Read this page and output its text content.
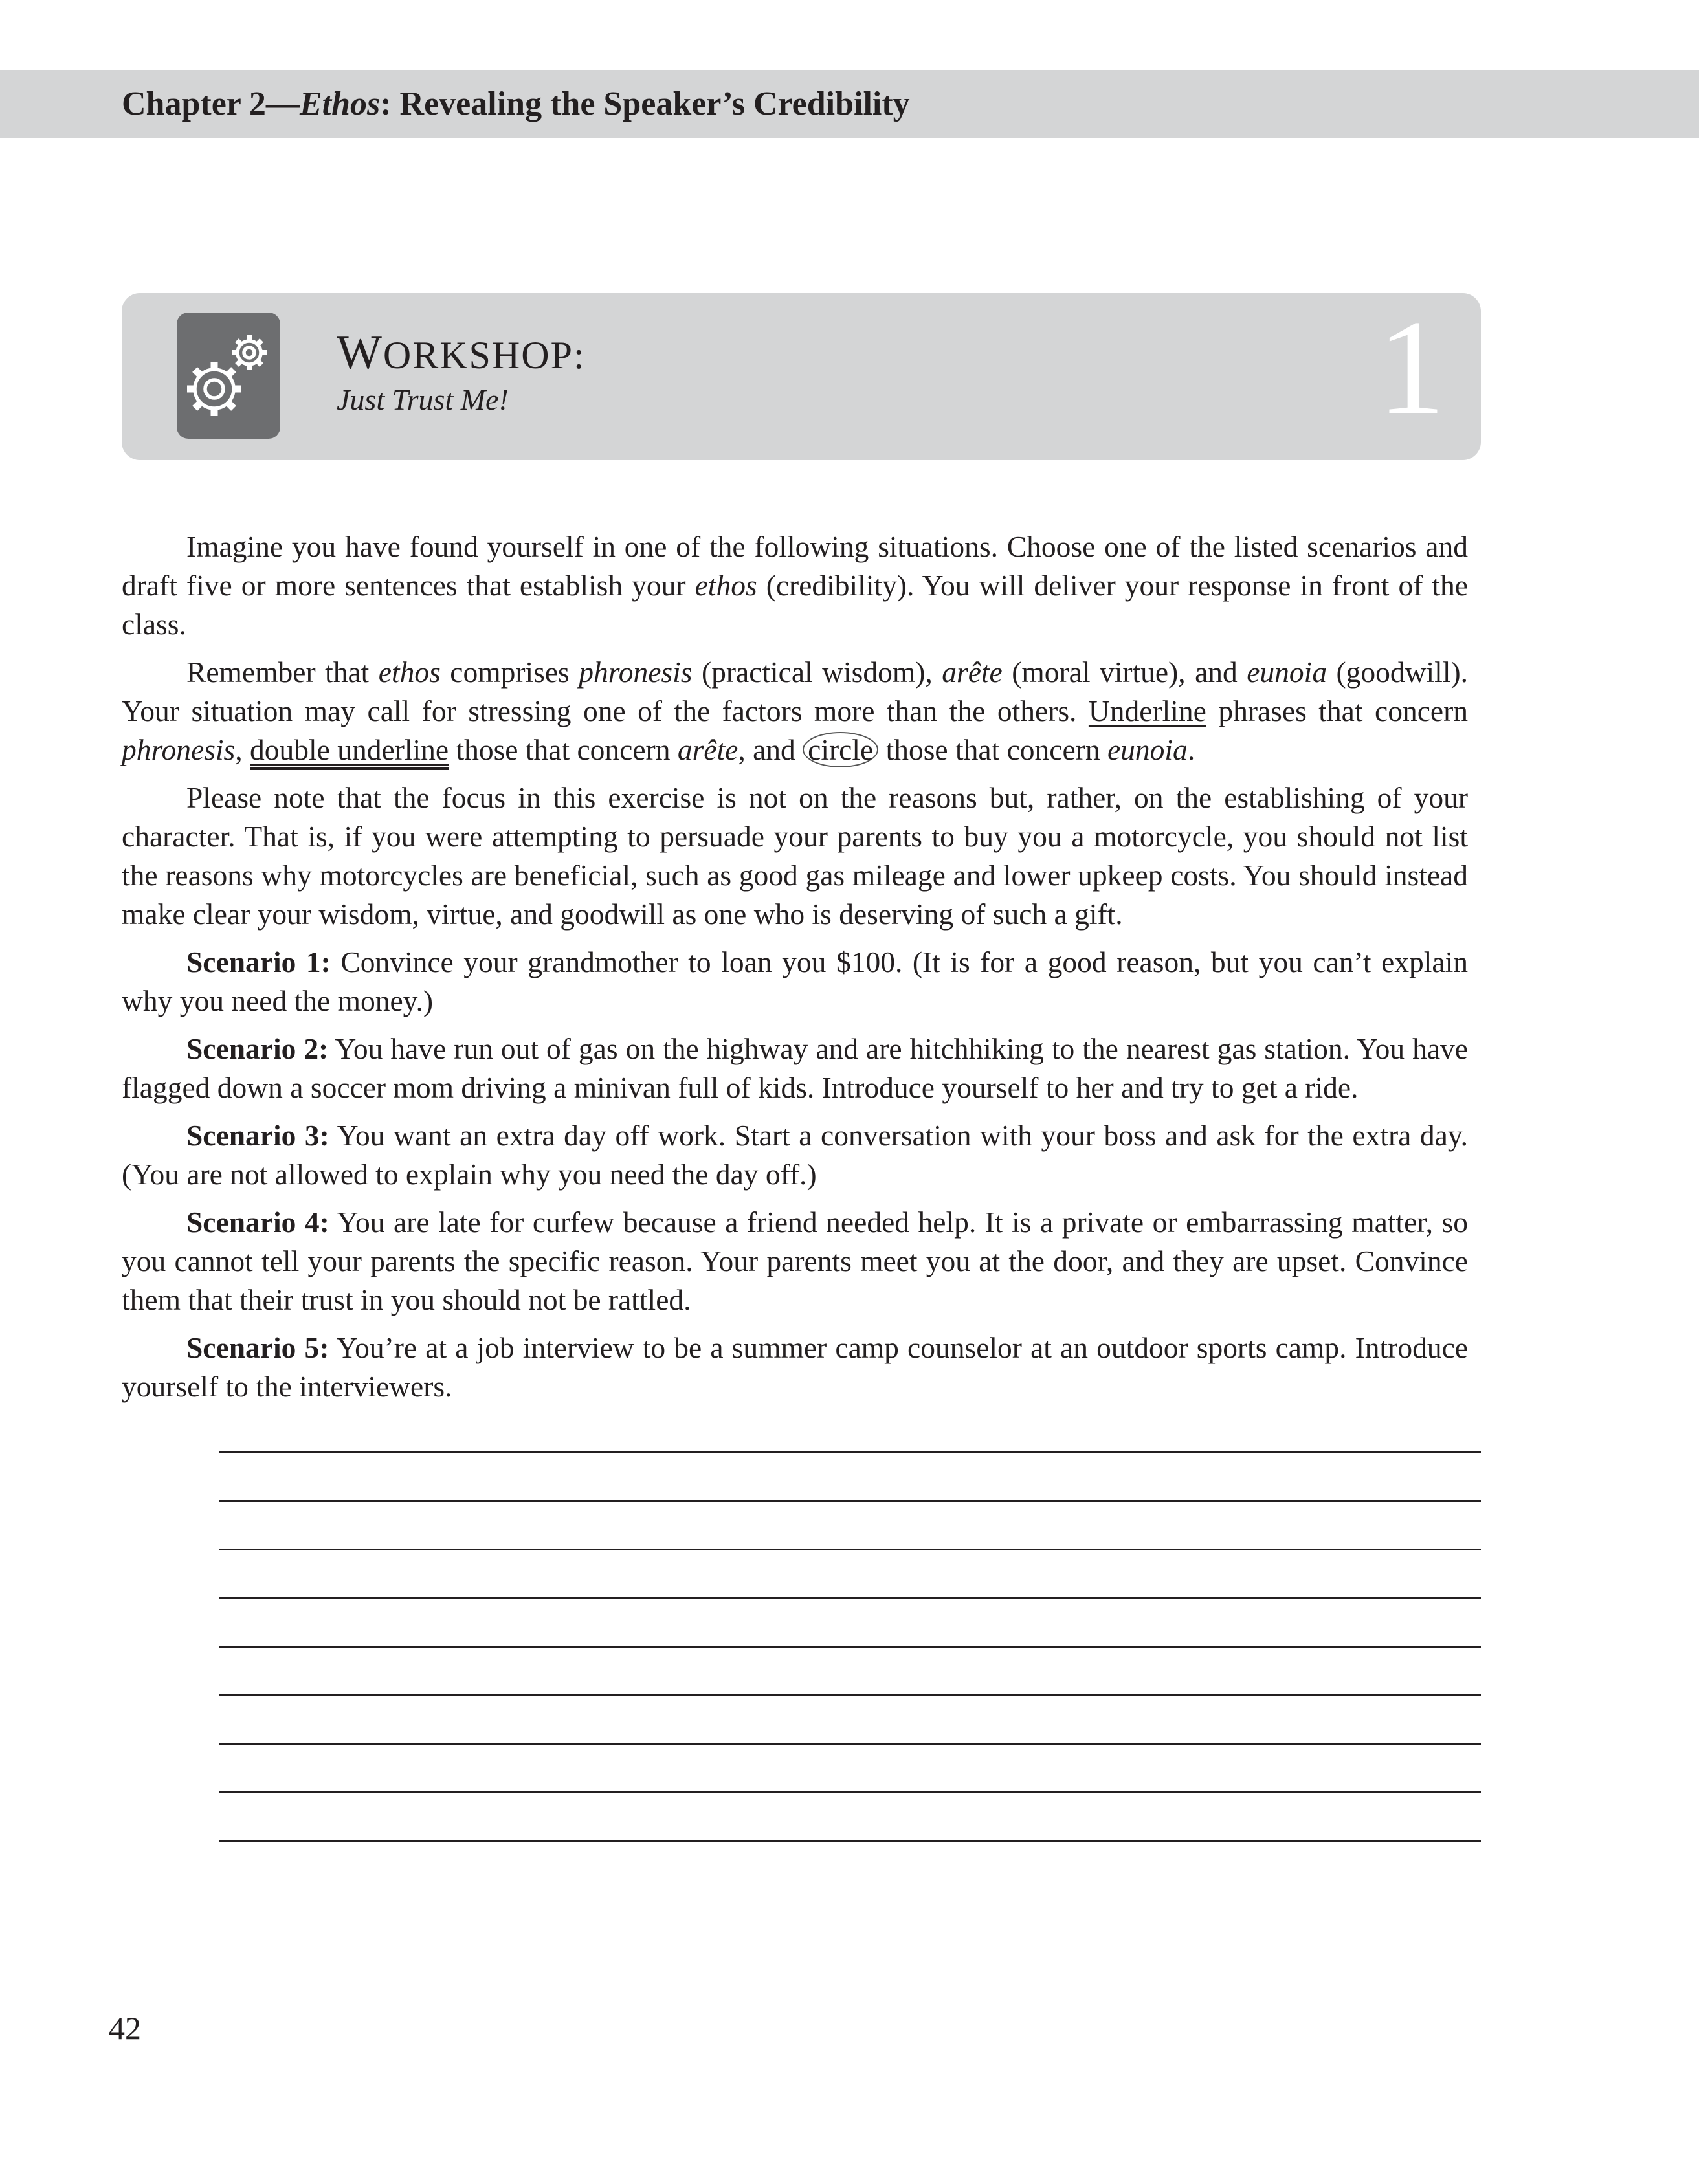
Chapter 2—Ethos: Revealing the Speaker’s Credibility
WORKSHOP:
Just Trust Me!	1

Imagine you have found yourself in one of the following situations. Choose one of the listed scenarios and draft five or more sentences that establish your ethos (credibility). You will deliver your response in front of the class.

Remember that ethos comprises phronesis (practical wisdom), arête (moral virtue), and eunoia (goodwill). Your situation may call for stressing one of the factors more than the others. Underline phrases that concern phronesis, double underline those that concern arête, and circle those that concern eunoia.

Please note that the focus in this exercise is not on the reasons but, rather, on the establishing of your character. That is, if you were attempting to persuade your parents to buy you a motorcycle, you should not list the reasons why motorcycles are beneficial, such as good gas mileage and lower upkeep costs. You should instead make clear your wisdom, virtue, and goodwill as one who is deserving of such a gift.

Scenario 1: Convince your grandmother to loan you $100. (It is for a good reason, but you can’t explain why you need the money.)

Scenario 2: You have run out of gas on the highway and are hitchhiking to the nearest gas station. You have flagged down a soccer mom driving a minivan full of kids. Introduce yourself to her and try to get a ride.

Scenario 3: You want an extra day off work. Start a conversation with your boss and ask for the extra day. (You are not allowed to explain why you need the day off.)

Scenario 4: You are late for curfew because a friend needed help. It is a private or embarrassing matter, so you cannot tell your parents the specific reason. Your parents meet you at the door, and they are upset. Convince them that their trust in you should not be rattled.

Scenario 5: You’re at a job interview to be a summer camp counselor at an outdoor sports camp. Introduce yourself to the interviewers.

42
